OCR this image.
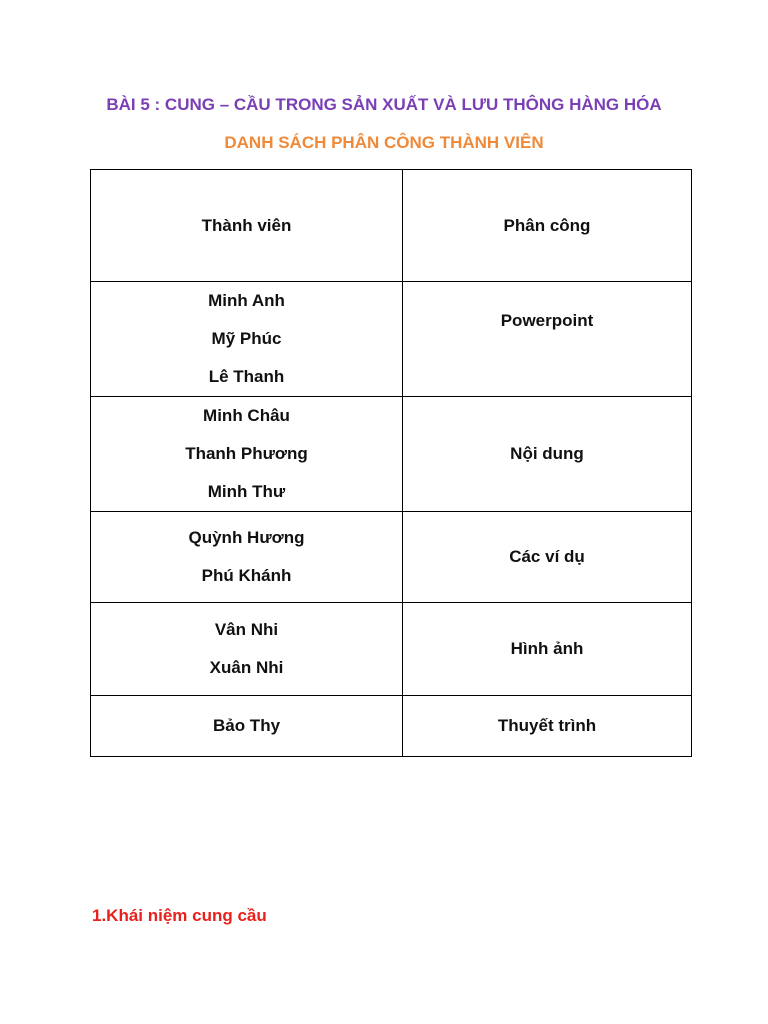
BÀI 5 : CUNG – CẦU TRONG SẢN XUẤT VÀ LƯU THÔNG HÀNG HÓA
DANH SÁCH PHÂN CÔNG THÀNH VIÊN
Thành viên	Phân công

Minh Anh
Mỹ Phúc
Lê Thanh	Powerpoint

Minh Châu
Thanh Phương
Minh Thư	Nội dung

Quỳnh Hương
Phú Khánh	Các ví dụ

Vân Nhi
Xuân Nhi	Hình ảnh

Bảo Thy	Thuyết trình
1.Khái niệm cung cầu
